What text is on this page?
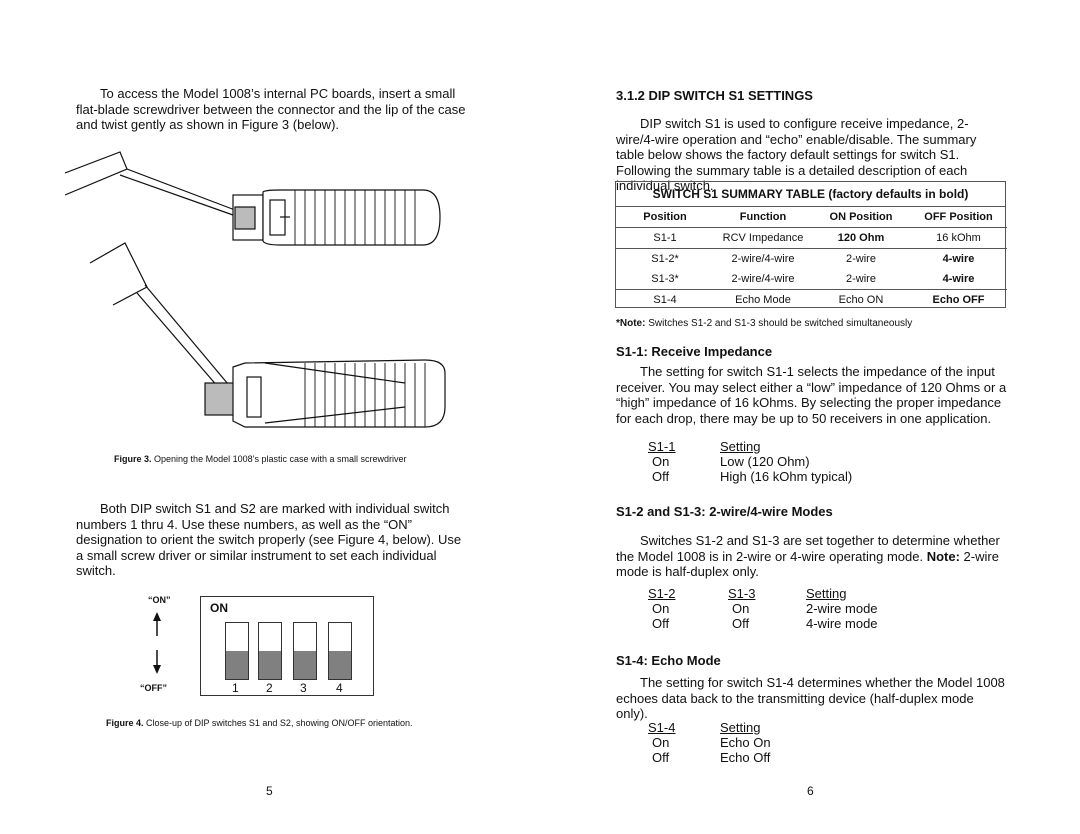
To access the Model 1008’s internal PC boards, insert a small flat-blade screwdriver between the connector and the lip of the case and twist gently as shown in Figure 3 (below).

Figure 3. Opening the Model 1008’s plastic case with a small screwdriver

Both DIP switch S1 and S2 are marked with individual switch numbers 1 thru 4. Use these numbers, as well as the “ON” designation to orient the switch properly (see Figure 4, below). Use a small screw driver or similar instrument to set each individual switch.

“ON”
“OFF”
ON
1 2 3 4

Figure 4. Close-up of DIP switches S1 and S2, showing ON/OFF orientation.

5
3.1.2 DIP SWITCH S1 SETTINGS

DIP switch S1 is used to configure receive impedance, 2-wire/4-wire operation and “echo” enable/disable. The summary table below shows the factory default settings for switch S1. Following the summary table is a detailed description of each individual switch.

SWITCH S1 SUMMARY TABLE (factory defaults in bold)
Position	Function	ON Position	OFF Position
S1-1	RCV Impedance	120 Ohm	16 kOhm
S1-2*	2-wire/4-wire	2-wire	4-wire
S1-3*	2-wire/4-wire	2-wire	4-wire
S1-4	Echo Mode	Echo ON	Echo OFF

*Note: Switches S1-2 and S1-3 should be switched simultaneously

S1-1: Receive Impedance

The setting for switch S1-1 selects the impedance of the input receiver. You may select either a “low” impedance of 120 Ohms or a “high” impedance of 16 kOhms. By selecting the proper impedance for each drop, there may be up to 50 receivers in one application.

S1-1	Setting
On	Low (120 Ohm)
Off	High (16 kOhm typical)
S1-2 and S1-3: 2-wire/4-wire Modes

Switches S1-2 and S1-3 are set together to determine whether the Model 1008 is in 2-wire or 4-wire operating mode. Note: 2-wire mode is half-duplex only.

S1-2	S1-3	Setting
On	On	2-wire mode
Off	Off	4-wire mode
S1-4: Echo Mode

The setting for switch S1-4 determines whether the Model 1008 echoes data back to the transmitting device (half-duplex mode only).

S1-4	Setting
On	Echo On
Off	Echo Off
6
